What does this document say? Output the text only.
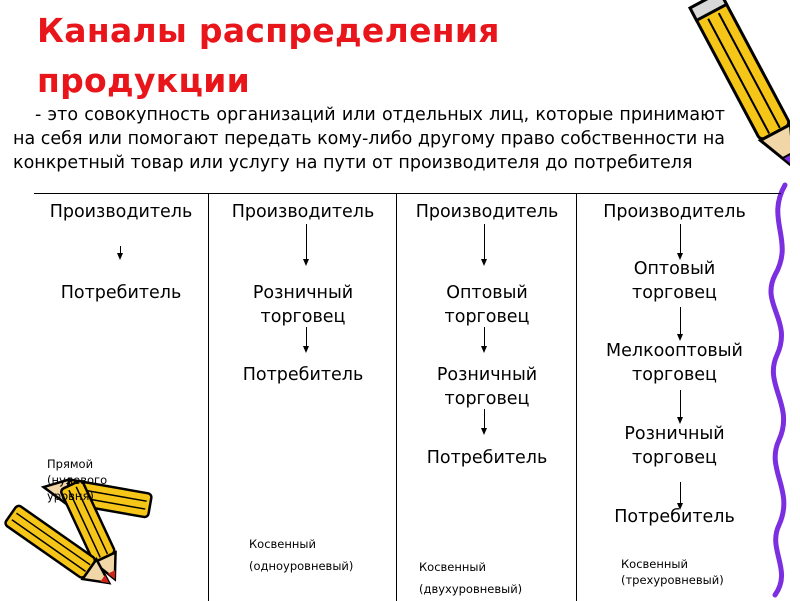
Каналы распределения
продукции
- это совокупность организаций или отдельных лиц, которые принимают на себя или помогают передать кому-либо другому право собственности на конкретный товар или услугу на пути от производителя до потребителя
Производитель
Потребитель
Прямой
(нулевого
уровня)
Производитель
Розничный торговец
Потребитель
Косвенный
(одноуровневый)
Производитель
Оптовый торговец
Розничный торговец
Потребитель
Косвенный
(двухуровневый)
Производитель
Оптовый торговец
Мелкооптовый торговец
Розничный торговец
Потребитель
Косвенный
(трехуровневый)
